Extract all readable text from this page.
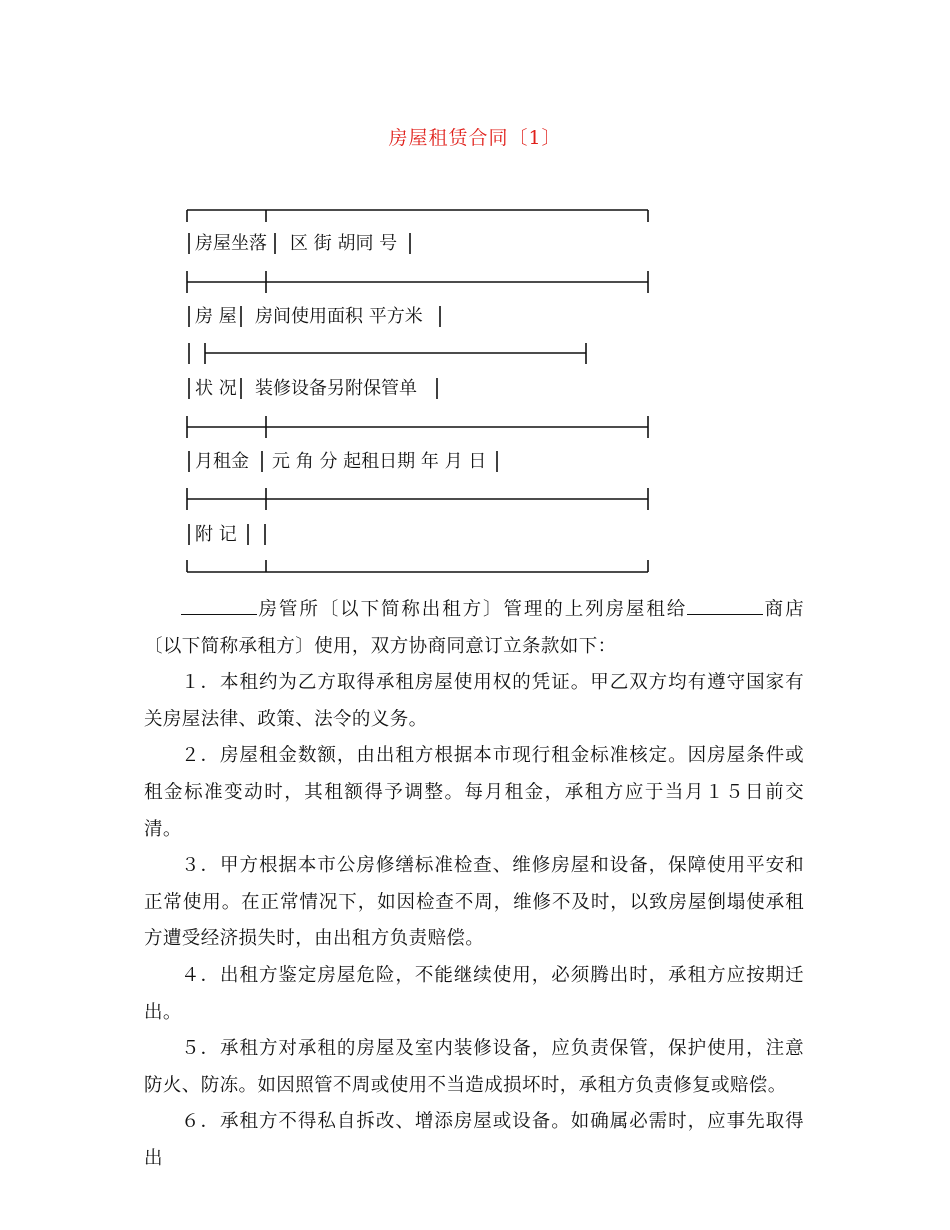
房屋租赁合同〔1〕
房屋坐落 区 街 胡同 号
房 屋 房间使用面积 平方米
状 况 装修设备另附保管单
月租金 元 角 分 起租日期 年 月 日
附 记

房管所〔以下简称出租方〕管理的上列房屋租给	商店〔以下简称承租方〕使用，双方协商同意订立条款如下：

１．本租约为乙方取得承租房屋使用权的凭证。甲乙双方均有遵守国家有关房屋法律、政策、法令的义务。

２．房屋租金数额，由出租方根据本市现行租金标准核定。因房屋条件或租金标准变动时，其租额得予调整。每月租金，承租方应于当月１５日前交清。

３．甲方根据本市公房修缮标准检查、维修房屋和设备，保障使用平安和正常使用。在正常情况下，如因检查不周，维修不及时，以致房屋倒塌使承租方遭受经济损失时，由出租方负责赔偿。

４．出租方鉴定房屋危险，不能继续使用，必须腾出时，承租方应按期迁出。

５．承租方对承租的房屋及室内装修设备，应负责保管，保护使用，注意防火、防冻。如因照管不周或使用不当造成损坏时，承租方负责修复或赔偿。

６．承租方不得私自拆改、增添房屋或设备。如确属必需时，应事先取得出
